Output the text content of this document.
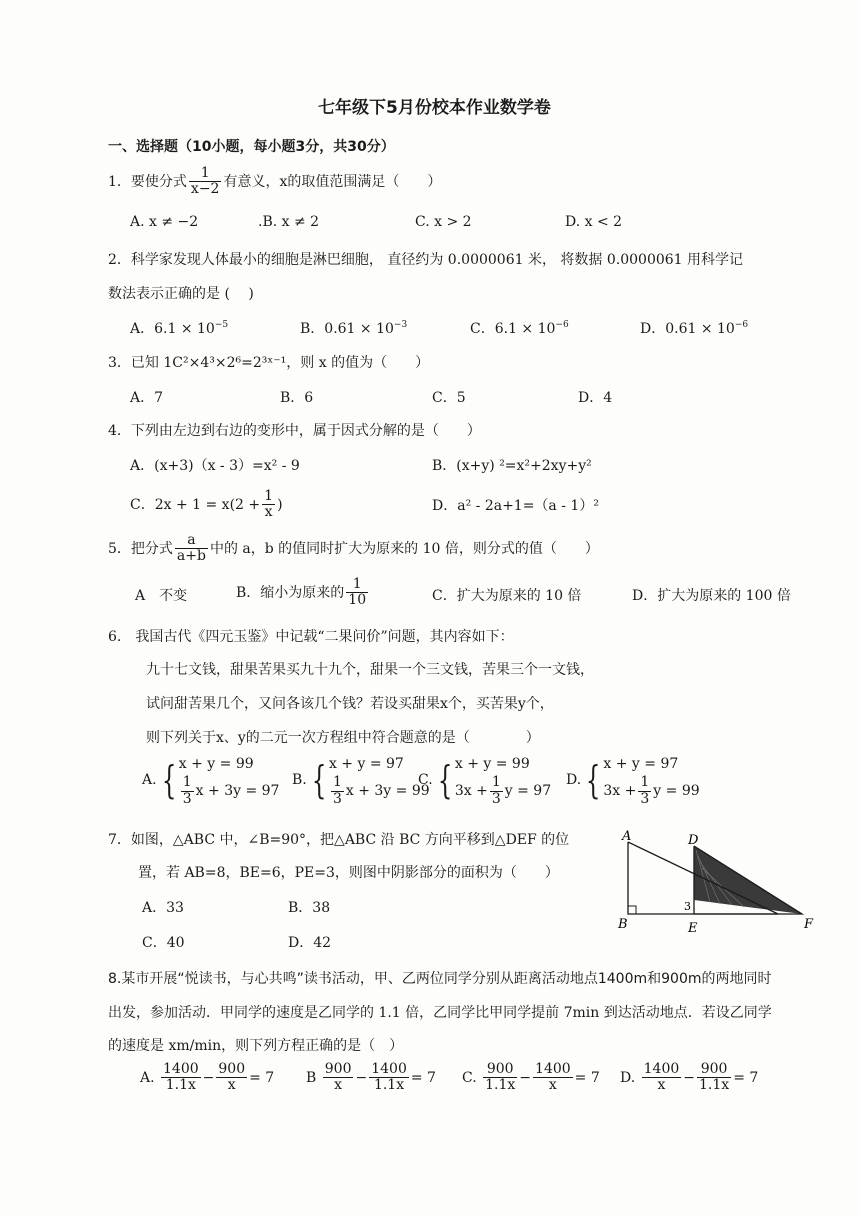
七年级下5月份校本作业数学卷
一、选择题（10小题，每小题3分，共30分）
1．要使分式 $\frac{1}{x-2}$ 有意义，x的取值范围满足（　　）
A. x ≠ −2	.B. x ≠ 2	C. x > 2	D. x < 2
2．科学家发现人体最小的细胞是淋巴细胞， 直径约为 0.0000061 米， 将数据 0.0000061 用科学记
数法表示正确的是 (　 )
A．$6.1 \times 10^{-5}$	B．$0.61 \times 10^{-3}$	C．$6.1 \times 10^{-6}$	D．$0.61 \times 10^{-6}$
3．已知 1C²×4³×2⁶=2³ˣ⁻¹，则 x 的值为（　　）
A．7	B．6	C．5	D．4
4．下列由左边到右边的变形中，属于因式分解的是（　　）
A．(x+3)（x - 3）=x² - 9	B．(x+y) ²=x²+2xy+y²
C．$2x + 1 = x(2 + \frac{1}{x}$ )	D．a² - 2a+1=（a - 1）²
5．把分式 $\frac{a}{a+b}$ 中的 a，b 的值同时扩大为原来的 10 倍，则分式的值（　　）
A　不变	B．缩小为原来的 $\frac{1}{10}$	C．扩大为原来的 10 倍	D．扩大为原来的 100 倍
6.　我国古代《四元玉鉴》中记载“二果问价”问题，其内容如下：
九十七文钱，甜果苦果买九十九个，甜果一个三文钱，苦果三个一文钱，
试问甜苦果几个，又问各该几个钱？若设买甜果x个，买苦果y个，
则下列关于x、y的二元一次方程组中符合题意的是（　　　　）
A. { x + y = 99
$\frac{1}{3}$ x + 3y = 97
B. { x + y = 97
$\frac{1}{3}$ x + 3y = 99
C. { x + y = 99
$3x + \frac{1}{3}$ y = 97
D. { x + y = 97
$3x + \frac{1}{3}$ y = 99
7．如图，△ABC 中，∠B=90°，把△ABC 沿 BC 方向平移到△DEF 的位
置，若 AB=8，BE=6，PE=3，则图中阴影部分的面积为（　　）
A．33	B．38
C．40	D．42
A	D
B	E	F
3
8.某市开展“悦读书，与心共鸣”读书活动，甲、乙两位同学分别从距离活动地点1400m和900m的两地同时
出发，参加活动．甲同学的速度是乙同学的 1.1 倍，乙同学比甲同学提前 7min 到达活动地点．若设乙同学
的速度是 xm/min，则下列方程正确的是（　）
A. $\frac{1400}{1.1x} - \frac{900}{x} = 7$ B $\frac{900}{x} - \frac{1400}{1.1x} = 7$ C. $\frac{900}{1.1x} - \frac{1400}{x} = 7$ D. $\frac{1400}{x} - \frac{900}{1.1x} = 7$
